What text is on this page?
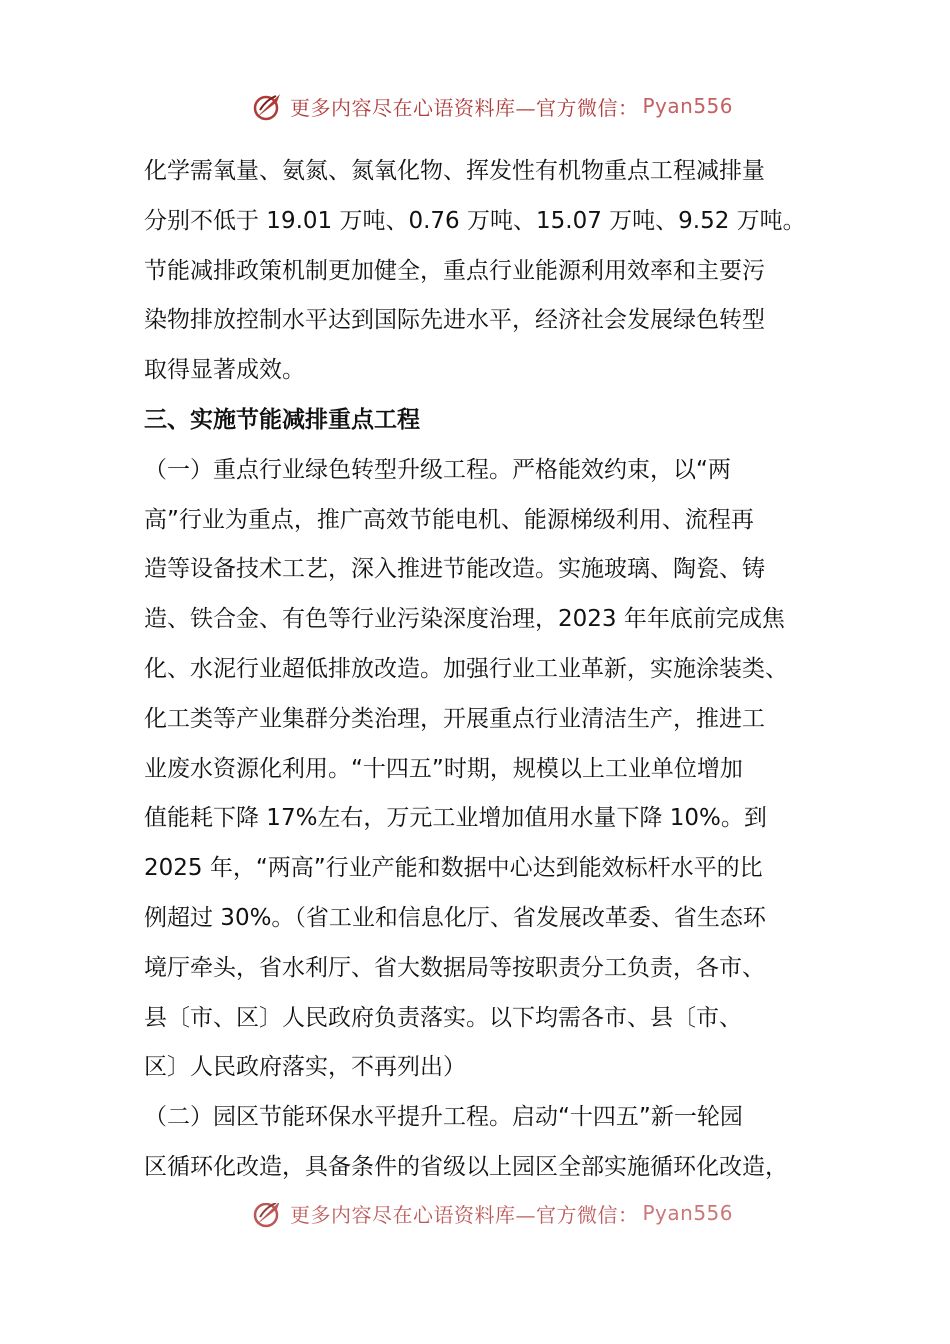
更多内容尽在心语资料库—官方微信： Pyan556
化学需氧量、氨氮、氮氧化物、挥发性有机物重点工程减排量
分别不低于 19.01 万吨、0.76 万吨、15.07 万吨、9.52 万吨。
节能减排政策机制更加健全，重点行业能源利用效率和主要污
染物排放控制水平达到国际先进水平，经济社会发展绿色转型
取得显著成效。
三、实施节能减排重点工程
（一）重点行业绿色转型升级工程。严格能效约束，以“两
高”行业为重点，推广高效节能电机、能源梯级利用、流程再
造等设备技术工艺，深入推进节能改造。实施玻璃、陶瓷、铸
造、铁合金、有色等行业污染深度治理，2023 年年底前完成焦
化、水泥行业超低排放改造。加强行业工业革新，实施涂装类、
化工类等产业集群分类治理，开展重点行业清洁生产，推进工
业废水资源化利用。“十四五”时期，规模以上工业单位增加
值能耗下降 17%左右，万元工业增加值用水量下降 10%。到
2025 年，“两高”行业产能和数据中心达到能效标杆水平的比
例超过 30%。（省工业和信息化厅、省发展改革委、省生态环
境厅牵头，省水利厅、省大数据局等按职责分工负责，各市、
县〔市、区〕人民政府负责落实。以下均需各市、县〔市、
区〕人民政府落实，不再列出）
（二）园区节能环保水平提升工程。启动“十四五”新一轮园
区循环化改造，具备条件的省级以上园区全部实施循环化改造，
更多内容尽在心语资料库—官方微信： Pyan556
